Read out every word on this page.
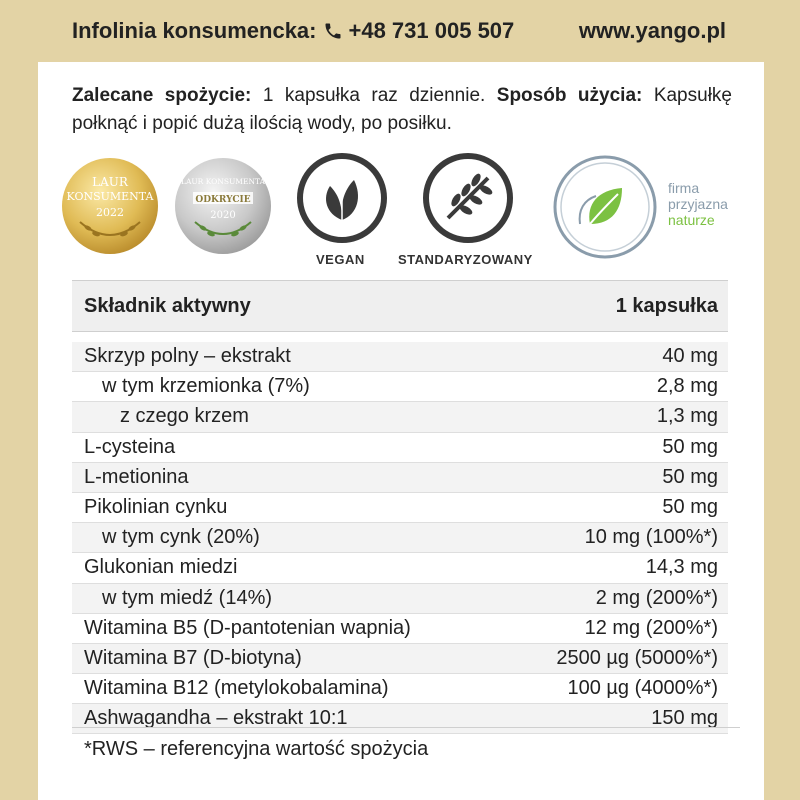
Infolinia konsumencka: +48 731 005 507	www.yango.pl
Zalecane spożycie: 1 kapsułka raz dziennie. Sposób użycia: Kapsułkę połknąć i popić dużą ilością wody, po posiłku.
LAUR
KONSUMENTA
2022
LAUR KONSUMENTA
ODKRYCIE
2020
VEGAN	STANDARYZOWANY
firma
przyjazna
naturze
Składnik aktywny	1 kapsułka
Skrzyp polny – ekstrakt	40 mg
w tym krzemionka (7%)	2,8 mg
z czego krzem	1,3 mg
L-cysteina	50 mg
L-metionina	50 mg
Pikolinian cynku	50 mg
w tym cynk (20%)	10 mg (100%*)
Glukonian miedzi	14,3 mg
w tym miedź (14%)	2 mg (200%*)
Witamina B5 (D-pantotenian wapnia)	12 mg (200%*)
Witamina B7 (D-biotyna)	2500 µg (5000%*)
Witamina B12 (metylokobalamina)	100 µg (4000%*)
Ashwagandha – ekstrakt 10:1	150 mg
*RWS – referencyjna wartość spożycia
